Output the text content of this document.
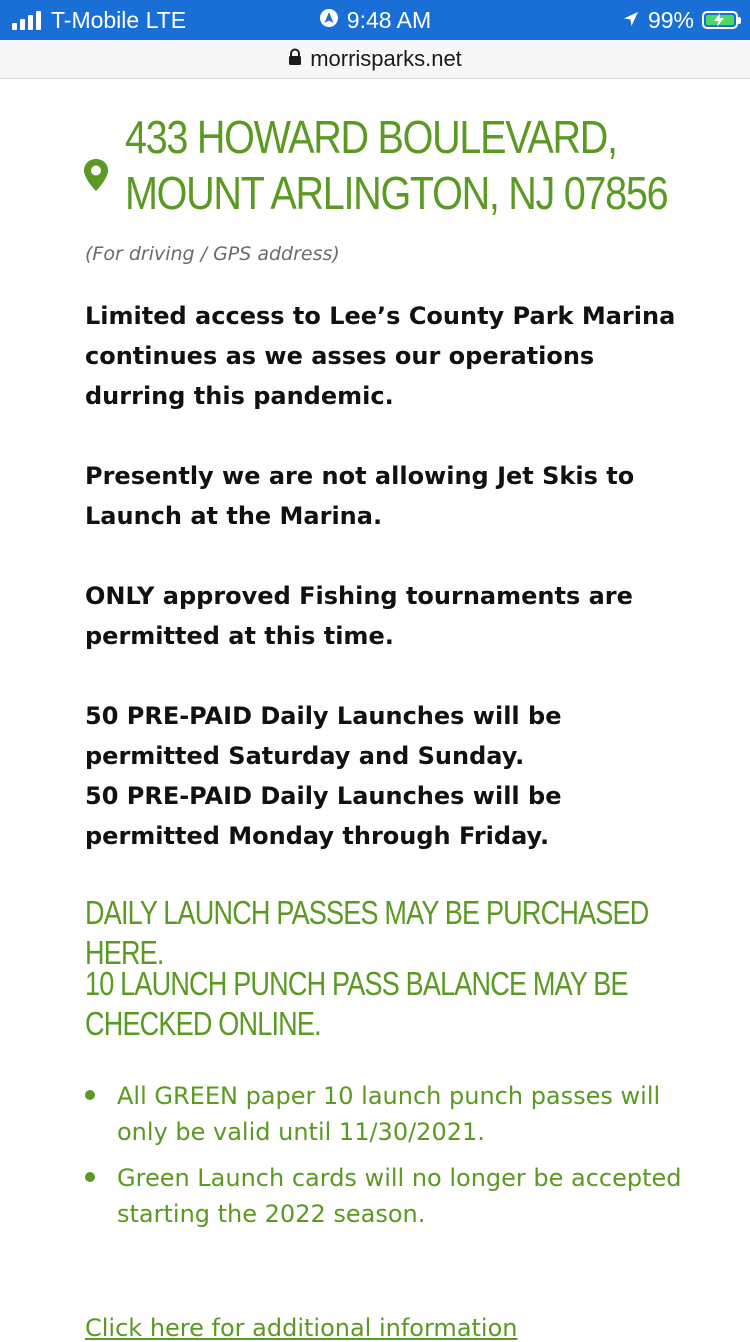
T-Mobile LTE	9:48 AM	99%
morrisparks.net
433 HOWARD BOULEVARD,
MOUNT ARLINGTON, NJ 07856
(For driving / GPS address)
Limited access to Lee’s County Park Marina continues as we asses our operations durring this pandemic.
Presently we are not allowing Jet Skis to Launch at the Marina.
ONLY approved Fishing tournaments are permitted at this time.
50 PRE-PAID Daily Launches will be permitted Saturday and Sunday.
50 PRE-PAID Daily Launches will be permitted Monday through Friday.
DAILY LAUNCH PASSES MAY BE PURCHASED HERE.
10 LAUNCH PUNCH PASS BALANCE MAY BE CHECKED ONLINE.
All GREEN paper 10 launch punch passes will only be valid until 11/30/2021.
Green Launch cards will no longer be accepted starting the 2022 season.
Click here for additional information
